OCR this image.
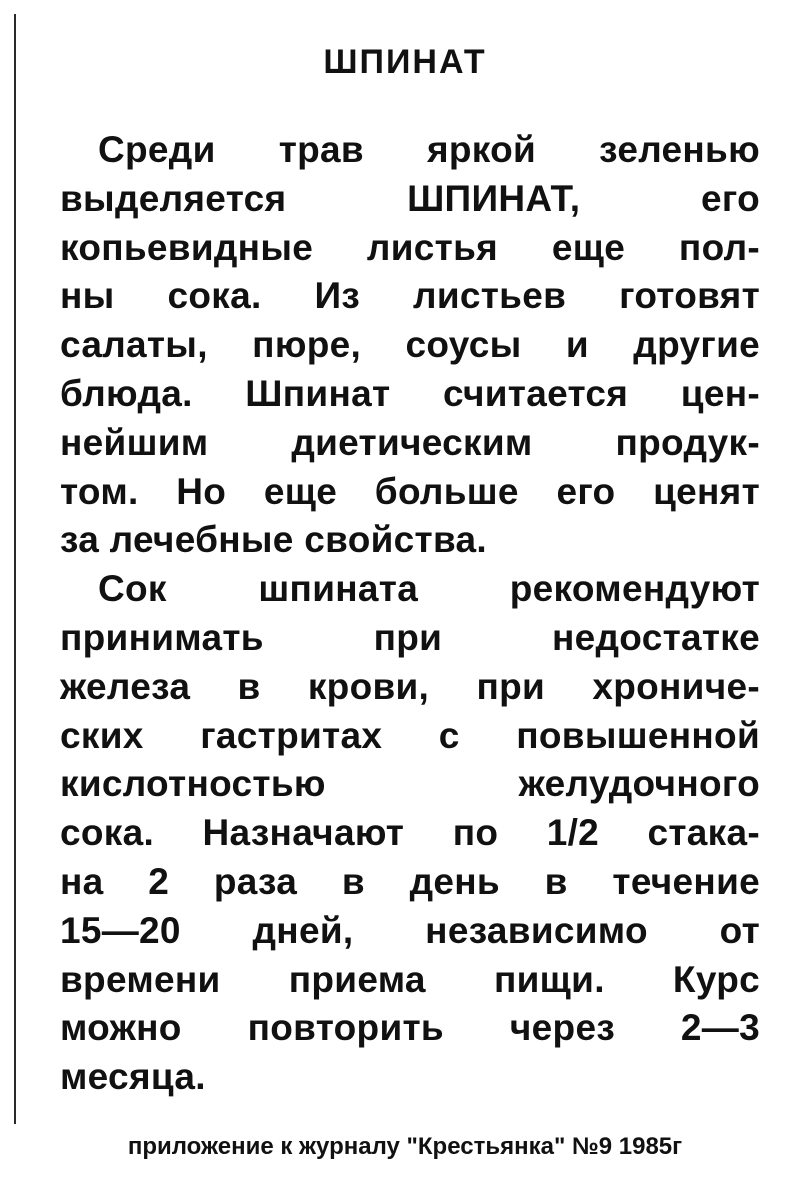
ШПИНАТ
Среди трав яркой зеленью
выделяется ШПИНАТ, его
копьевидные листья еще пол-
ны сока. Из листьев готовят
салаты, пюре, соусы и другие
блюда. Шпинат считается цен-
нейшим диетическим продук-
том. Но еще больше его ценят
за лечебные свойства.
Сок шпината рекомендуют
принимать при недостатке
железа в крови, при хрониче-
ских гастритах с повышенной
кислотностью желудочного
сока. Назначают по 1/2 стака-
на 2 раза в день в течение
15—20 дней, независимо от
времени приема пищи. Курс
можно повторить через 2—3
месяца.
приложение к журналу "Крестьянка" №9 1985г
